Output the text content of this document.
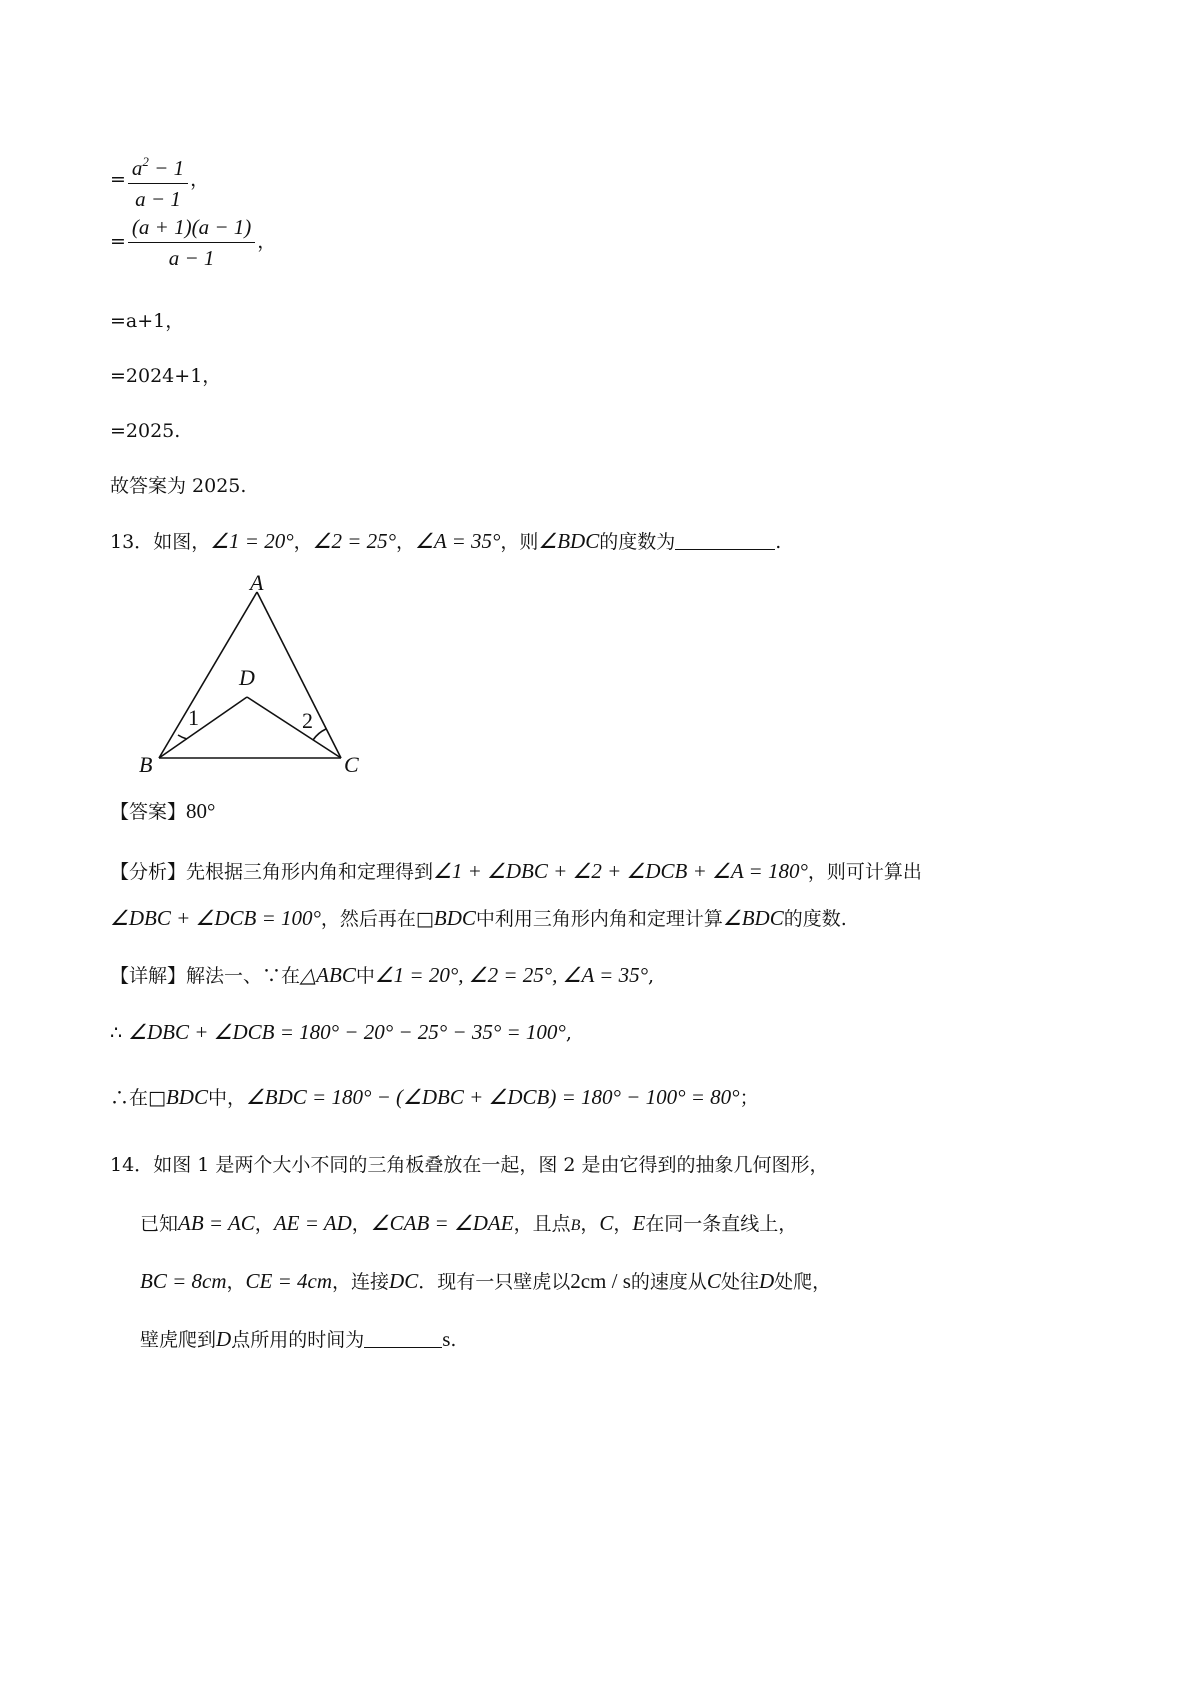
= $\frac{a^2 - 1}{a - 1}$ ，
= $\frac{(a + 1)(a - 1)}{a - 1}$ ，
=a+1，
=2024+1，
=2025.
故答案为 2025.
13．如图，∠1 = 20°，∠2 = 25°，∠A = 35°，则∠BDC的度数为	.
A
D
B	C
1	2
【答案】80°
【分析】先根据三角形内角和定理得到∠1 + ∠DBC + ∠2 + ∠DCB + ∠A = 180°，则可计算出
∠DBC + ∠DCB = 100°，然后再在□BDC中利用三角形内角和定理计算∠BDC的度数.
【详解】解法一、∵在△ABC中∠1 = 20°, ∠2 = 25°, ∠A = 35°,
∴ ∠DBC + ∠DCB = 180° − 20° − 25° − 35° = 100°,
∴在□BDC中，∠BDC = 180° − (∠DBC + ∠DCB) = 180° − 100° = 80°；
14．如图 1 是两个大小不同的三角板叠放在一起，图 2 是由它得到的抽象几何图形，
已知AB = AC，AE = AD，∠CAB = ∠DAE，且点B，C，E在同一条直线上，
BC = 8cm，CE = 4cm，连接DC．现有一只壁虎以2cm / s的速度从C处往D处爬，
壁虎爬到D点所用的时间为	s.
